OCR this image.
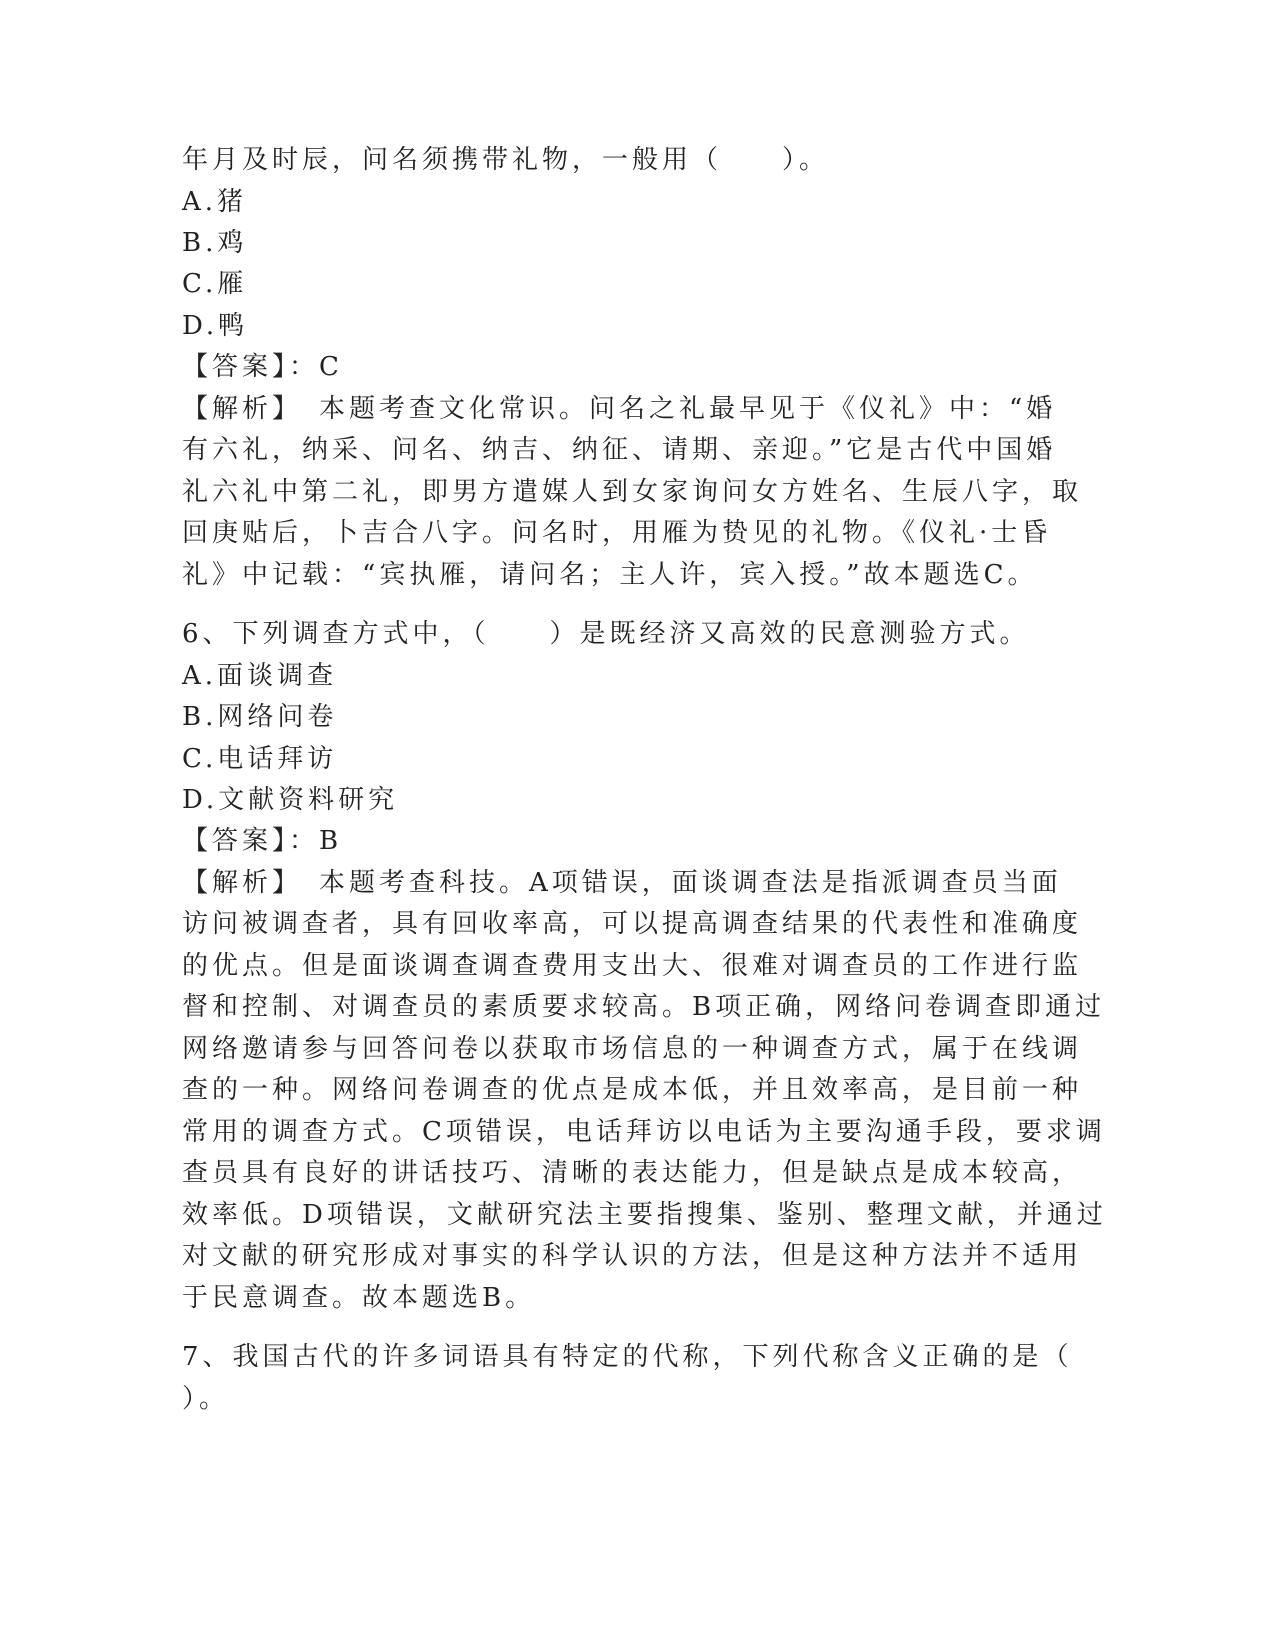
年月及时辰，问名须携带礼物，一般用（　　）。
A.猪
B.鸡
C.雁
D.鸭
【答案】：C
【解析】　本题考查文化常识。问名之礼最早见于《仪礼》中：“婚
有六礼，纳采、问名、纳吉、纳征、请期、亲迎。”它是古代中国婚
礼六礼中第二礼，即男方遣媒人到女家询问女方姓名、生辰八字，取
回庚贴后，卜吉合八字。问名时，用雁为贽见的礼物。《仪礼·士昏
礼》中记载：“宾执雁，请问名；主人许，宾入授。”故本题选C。
6、下列调查方式中，（　　）是既经济又高效的民意测验方式。
A.面谈调查
B.网络问卷
C.电话拜访
D.文献资料研究
【答案】：B
【解析】　本题考查科技。A项错误，面谈调查法是指派调查员当面
访问被调查者，具有回收率高，可以提高调查结果的代表性和准确度
的优点。但是面谈调查调查费用支出大、很难对调查员的工作进行监
督和控制、对调查员的素质要求较高。B项正确，网络问卷调查即通过
网络邀请参与回答问卷以获取市场信息的一种调查方式，属于在线调
查的一种。网络问卷调查的优点是成本低，并且效率高，是目前一种
常用的调查方式。C项错误，电话拜访以电话为主要沟通手段，要求调
查员具有良好的讲话技巧、清晰的表达能力，但是缺点是成本较高，
效率低。D项错误，文献研究法主要指搜集、鉴别、整理文献，并通过
对文献的研究形成对事实的科学认识的方法，但是这种方法并不适用
于民意调查。故本题选B。
7、我国古代的许多词语具有特定的代称，下列代称含义正确的是（
）。
